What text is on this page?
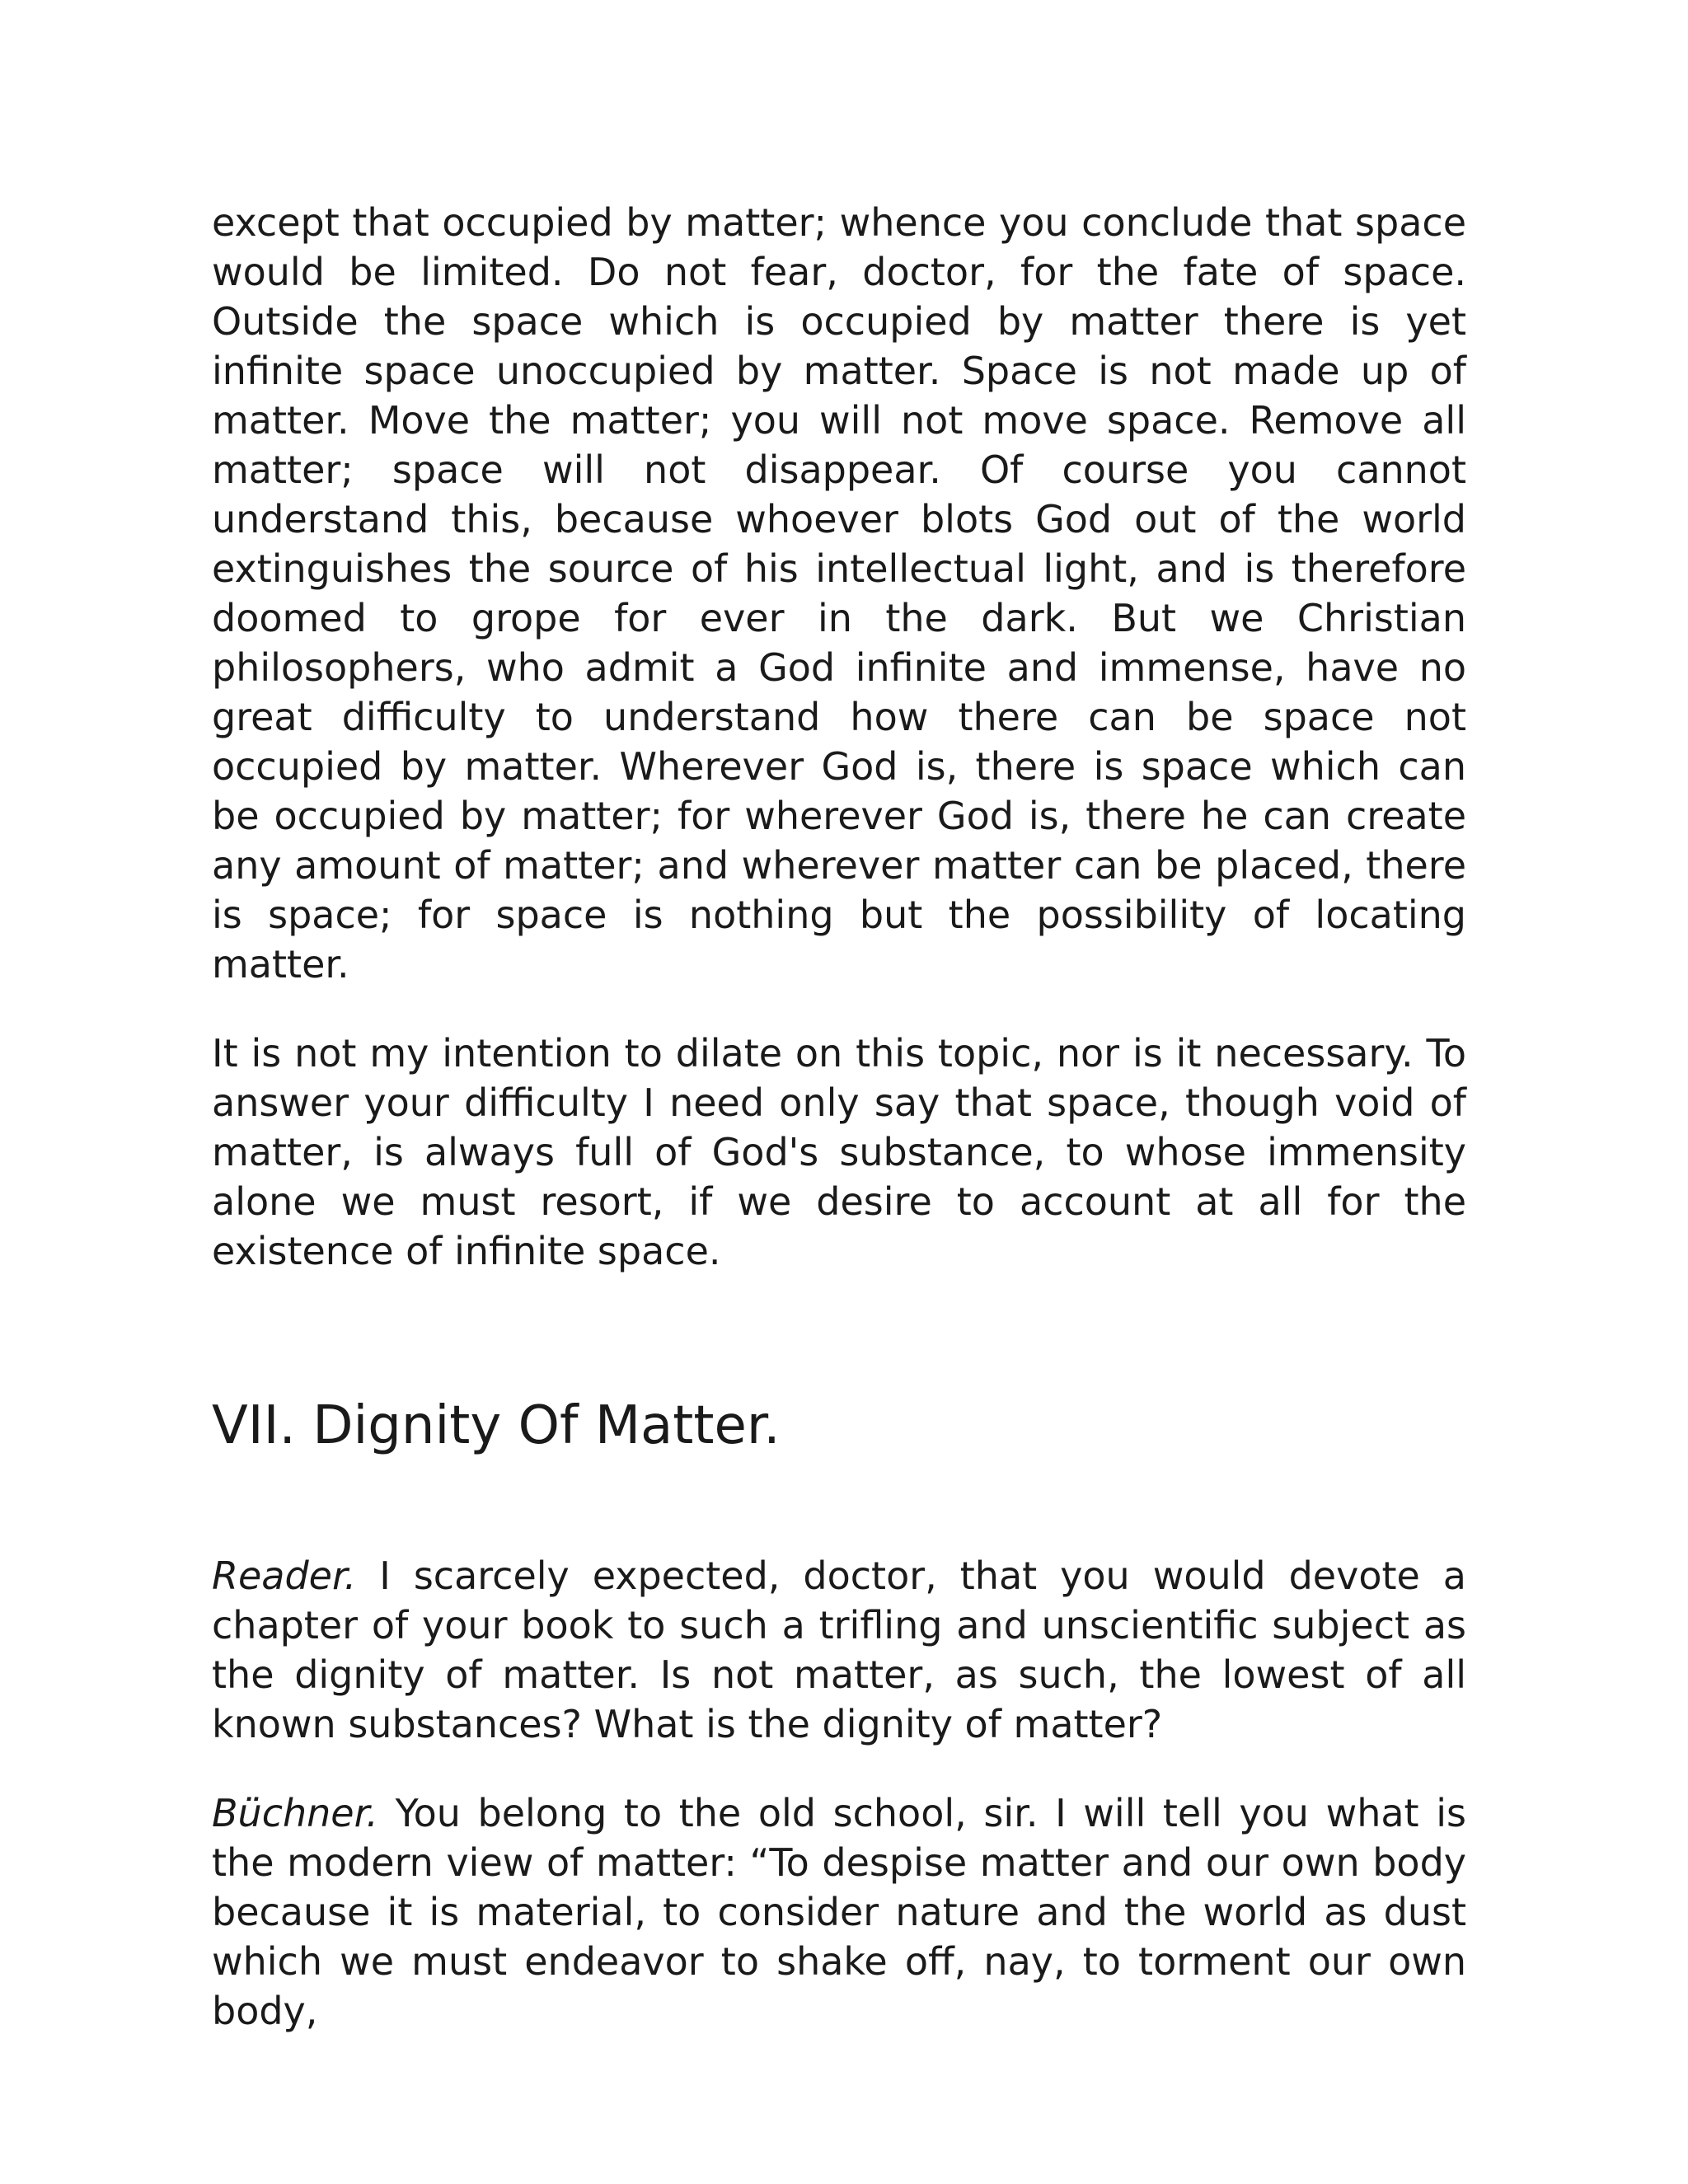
except that occupied by matter; whence you conclude that space would be limited. Do not fear, doctor, for the fate of space. Outside the space which is occupied by matter there is yet infinite space unoccupied by matter. Space is not made up of matter. Move the matter; you will not move space. Remove all matter; space will not disappear. Of course you cannot understand this, because whoever blots God out of the world extinguishes the source of his intellectual light, and is therefore doomed to grope for ever in the dark. But we Christian philosophers, who admit a God infinite and immense, have no great difficulty to understand how there can be space not occupied by matter. Wherever God is, there is space which can be occupied by matter; for wherever God is, there he can create any amount of matter; and wherever matter can be placed, there is space; for space is nothing but the possibility of locating matter.

It is not my intention to dilate on this topic, nor is it necessary. To answer your difficulty I need only say that space, though void of matter, is always full of God's substance, to whose immensity alone we must resort, if we desire to account at all for the existence of infinite space.

VII. Dignity Of Matter.

Reader. I scarcely expected, doctor, that you would devote a chapter of your book to such a trifling and unscientific subject as the dignity of matter. Is not matter, as such, the lowest of all known substances? What is the dignity of matter?

Büchner. You belong to the old school, sir. I will tell you what is the modern view of matter: “To despise matter and our own body because it is material, to consider nature and the world as dust which we must endeavor to shake off, nay, to torment our own body,
